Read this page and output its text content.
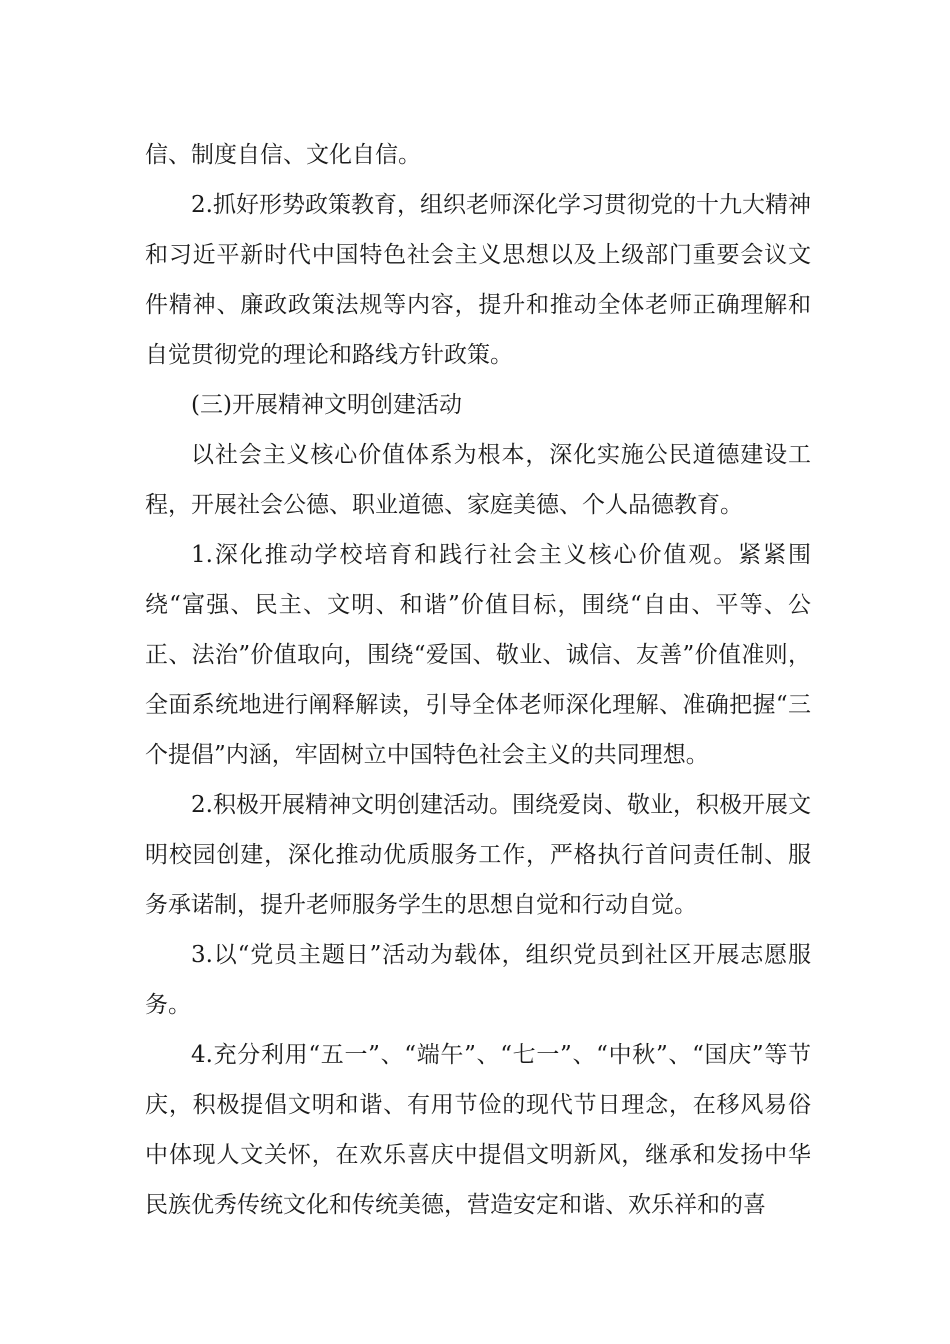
信、制度自信、文化自信。

2.抓好形势政策教育，组织老师深化学习贯彻党的十九大精神和习近平新时代中国特色社会主义思想以及上级部门重要会议文件精神、廉政政策法规等内容，提升和推动全体老师正确理解和自觉贯彻党的理论和路线方针政策。

(三)开展精神文明创建活动

以社会主义核心价值体系为根本，深化实施公民道德建设工程，开展社会公德、职业道德、家庭美德、个人品德教育。

1.深化推动学校培育和践行社会主义核心价值观。紧紧围绕“富强、民主、文明、和谐”价值目标，围绕“自由、平等、公正、法治”价值取向，围绕“爱国、敬业、诚信、友善”价值准则，全面系统地进行阐释解读，引导全体老师深化理解、准确把握“三个提倡”内涵，牢固树立中国特色社会主义的共同理想。

2.积极开展精神文明创建活动。围绕爱岗、敬业，积极开展文明校园创建，深化推动优质服务工作，严格执行首问责任制、服务承诺制，提升老师服务学生的思想自觉和行动自觉。

3.以“党员主题日”活动为载体，组织党员到社区开展志愿服务。

4.充分利用“五一”、“端午”、“七一”、“中秋”、“国庆”等节庆，积极提倡文明和谐、有用节俭的现代节日理念，在移风易俗中体现人文关怀，在欢乐喜庆中提倡文明新风，继承和发扬中华民族优秀传统文化和传统美德，营造安定和谐、欢乐祥和的喜
